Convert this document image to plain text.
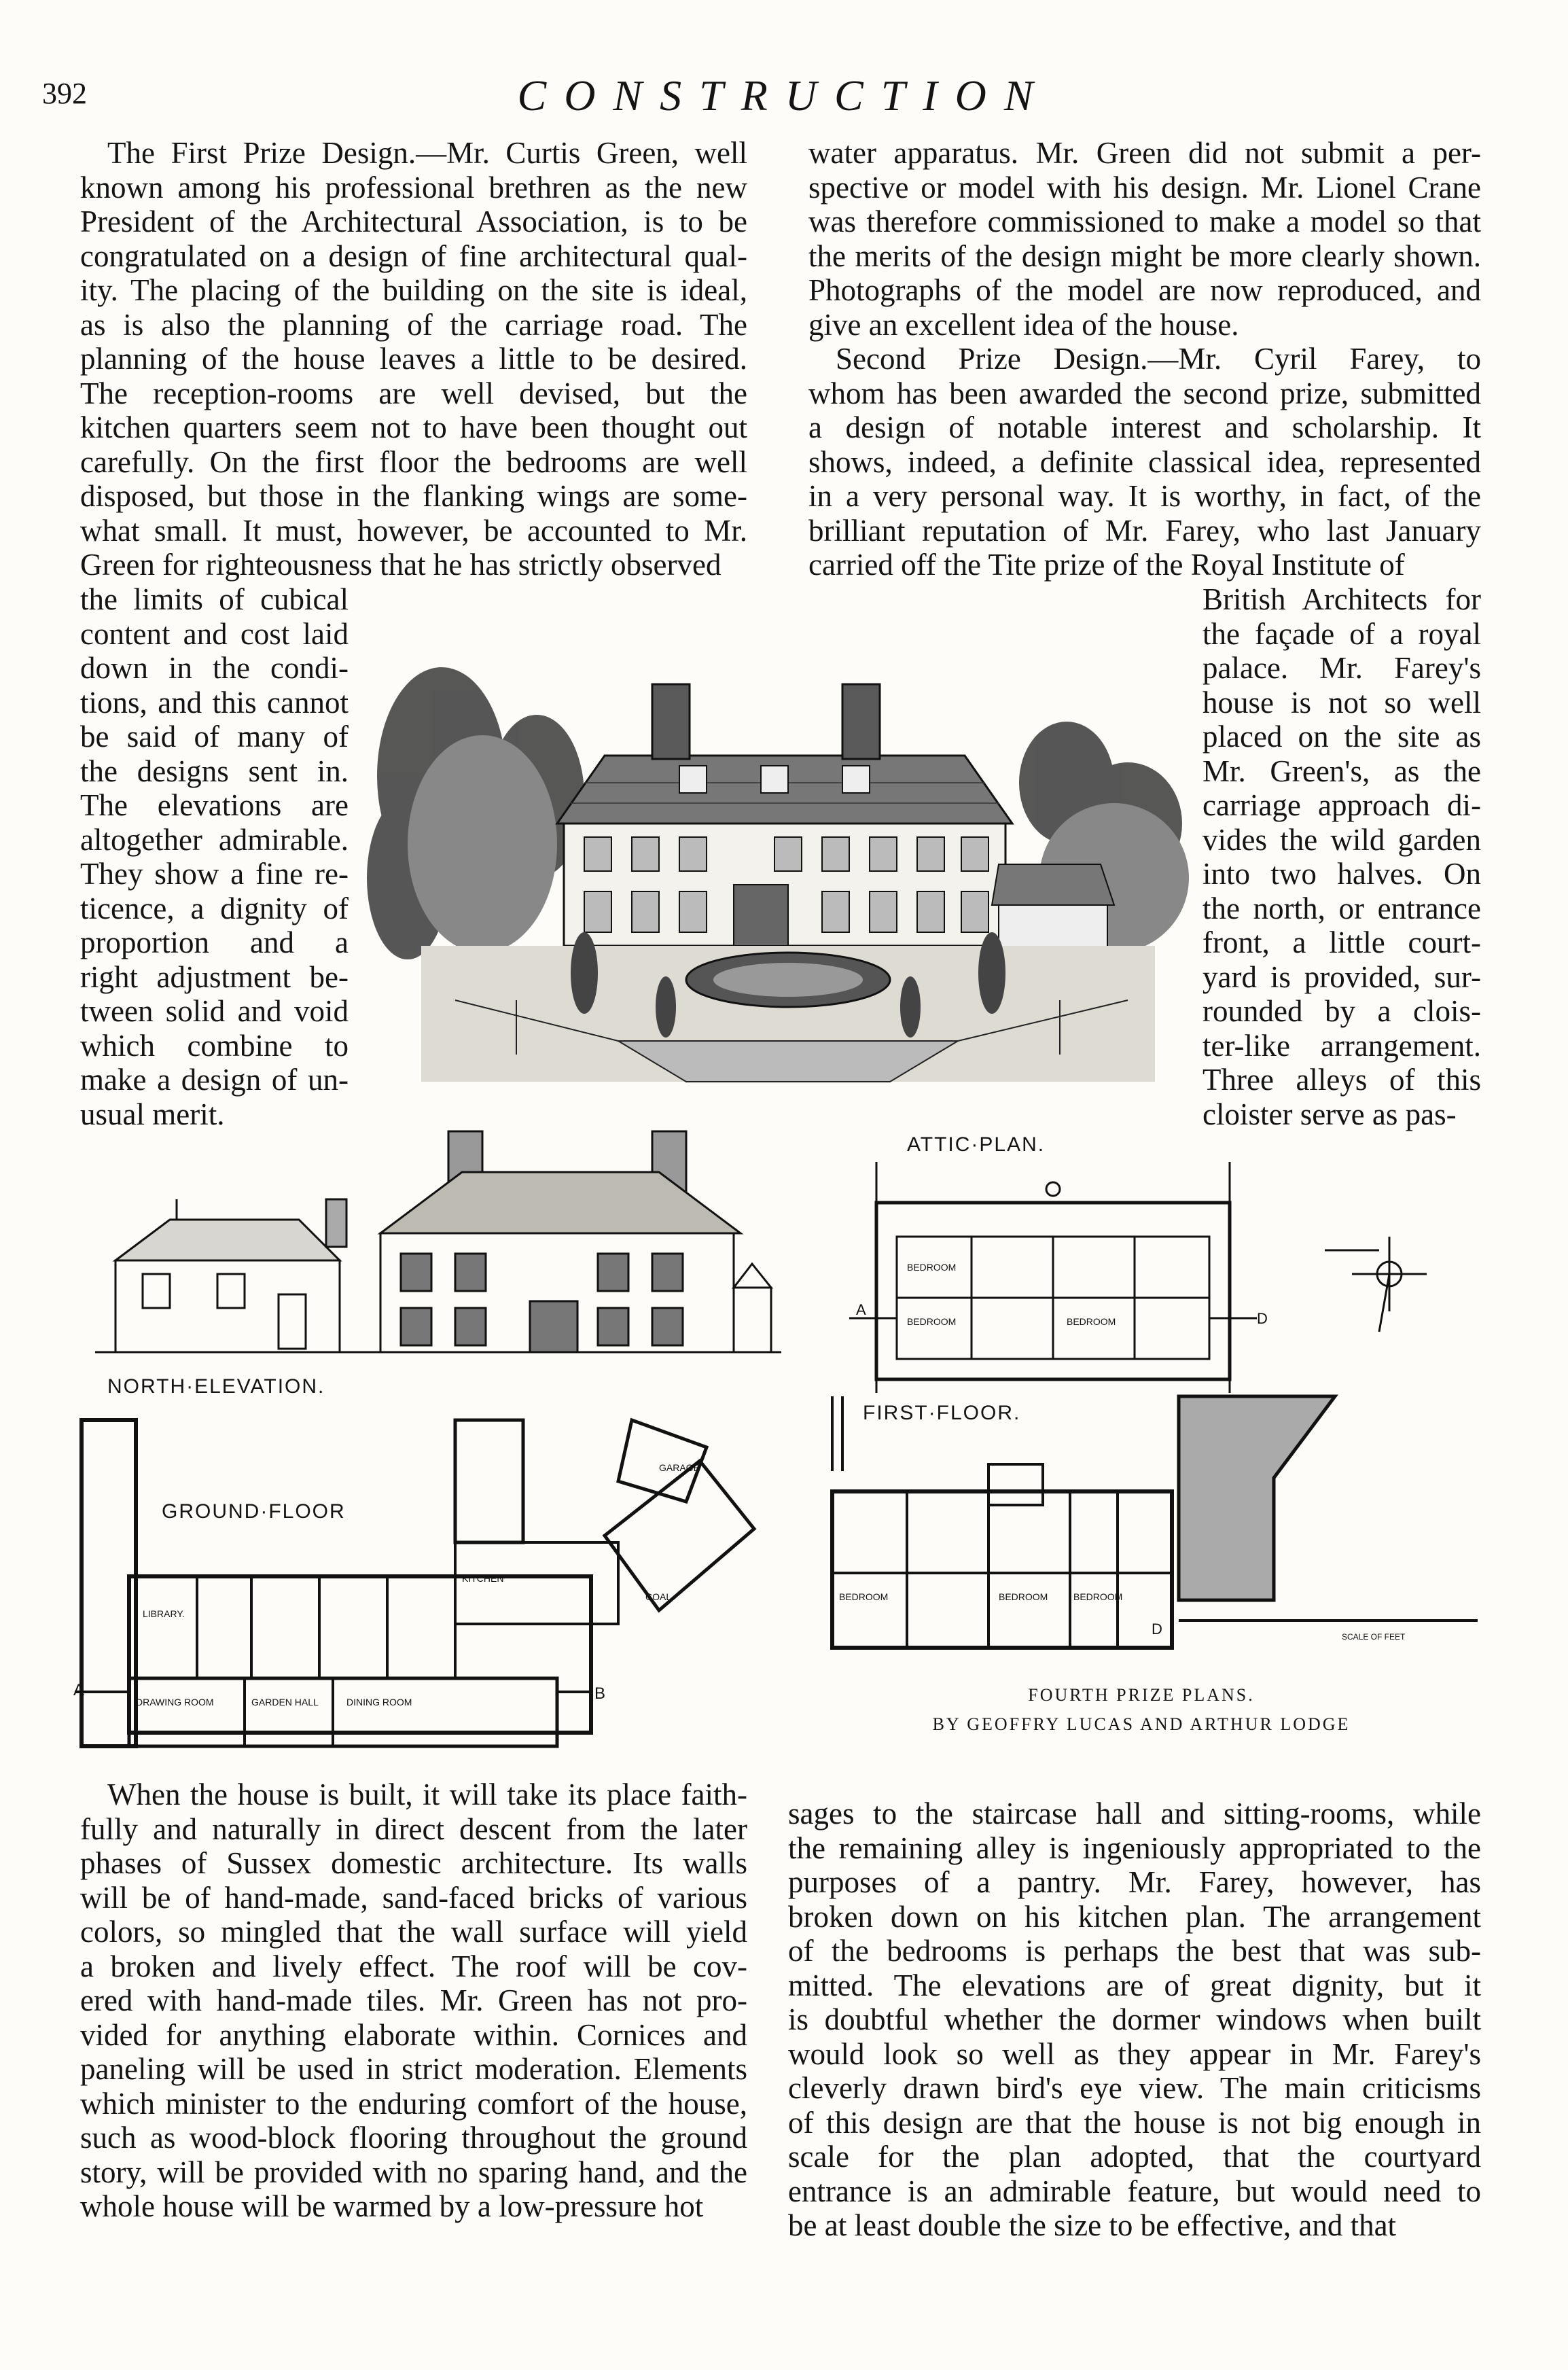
392	CONSTRUCTION
The First Prize Design.—Mr. Curtis Green, well
known among his professional brethren as the new
President of the Architectural Association, is to be
congratulated on a design of fine architectural qual-
ity. The placing of the building on the site is ideal,
as is also the planning of the carriage road. The
planning of the house leaves a little to be desired.
The reception-rooms are well devised, but the
kitchen quarters seem not to have been thought out
carefully. On the first floor the bedrooms are well
disposed, but those in the flanking wings are some-
what small. It must, however, be accounted to Mr.
Green for righteousness that he has strictly observed
the limits of cubical
content and cost laid
down in the condi-
tions, and this cannot
be said of many of
the designs sent in.
The elevations are
altogether admirable.
They show a fine re-
ticence, a dignity of
proportion and a
right adjustment be-
tween solid and void
which combine to
make a design of un-
usual merit.
water apparatus. Mr. Green did not submit a per-
spective or model with his design. Mr. Lionel Crane
was therefore commissioned to make a model so that
the merits of the design might be more clearly shown.
Photographs of the model are now reproduced, and
give an excellent idea of the house.
Second Prize Design.—Mr. Cyril Farey, to
whom has been awarded the second prize, submitted
a design of notable interest and scholarship. It
shows, indeed, a definite classical idea, represented
in a very personal way. It is worthy, in fact, of the
brilliant reputation of Mr. Farey, who last January
carried off the Tite prize of the Royal Institute of
British Architects for
the façade of a royal
palace. Mr. Farey's
house is not so well
placed on the site as
Mr. Green's, as the
carriage approach di-
vides the wild garden
into two halves. On
the north, or entrance
front, a little court-
yard is provided, sur-
rounded by a clois-
ter-like arrangement.
Three alleys of this
cloister serve as pas-
NORTH·ELEVATION.
ATTIC·PLAN.
BEDROOM
BEDROOM	BEDROOM
A
D
LIBRARY.
DRAWING ROOM	GARDEN HALL	DINING ROOM
KITCHEN
GARAGE
COAL
A	B
GROUND·FLOOR
BEDROOM	BEDROOM	BEDROOM
SCALE OF FEET
D
FIRST·FLOOR.
FOURTH PRIZE PLANS.
BY GEOFFRY LUCAS AND ARTHUR LODGE
When the house is built, it will take its place faith-
fully and naturally in direct descent from the later
phases of Sussex domestic architecture. Its walls
will be of hand-made, sand-faced bricks of various
colors, so mingled that the wall surface will yield
a broken and lively effect. The roof will be cov-
ered with hand-made tiles. Mr. Green has not pro-
vided for anything elaborate within. Cornices and
paneling will be used in strict moderation. Elements
which minister to the enduring comfort of the house,
such as wood-block flooring throughout the ground
story, will be provided with no sparing hand, and the
whole house will be warmed by a low-pressure hot
sages to the staircase hall and sitting-rooms, while
the remaining alley is ingeniously appropriated to the
purposes of a pantry. Mr. Farey, however, has
broken down on his kitchen plan. The arrangement
of the bedrooms is perhaps the best that was sub-
mitted. The elevations are of great dignity, but it
is doubtful whether the dormer windows when built
would look so well as they appear in Mr. Farey's
cleverly drawn bird's eye view. The main criticisms
of this design are that the house is not big enough in
scale for the plan adopted, that the courtyard
entrance is an admirable feature, but would need to
be at least double the size to be effective, and that
